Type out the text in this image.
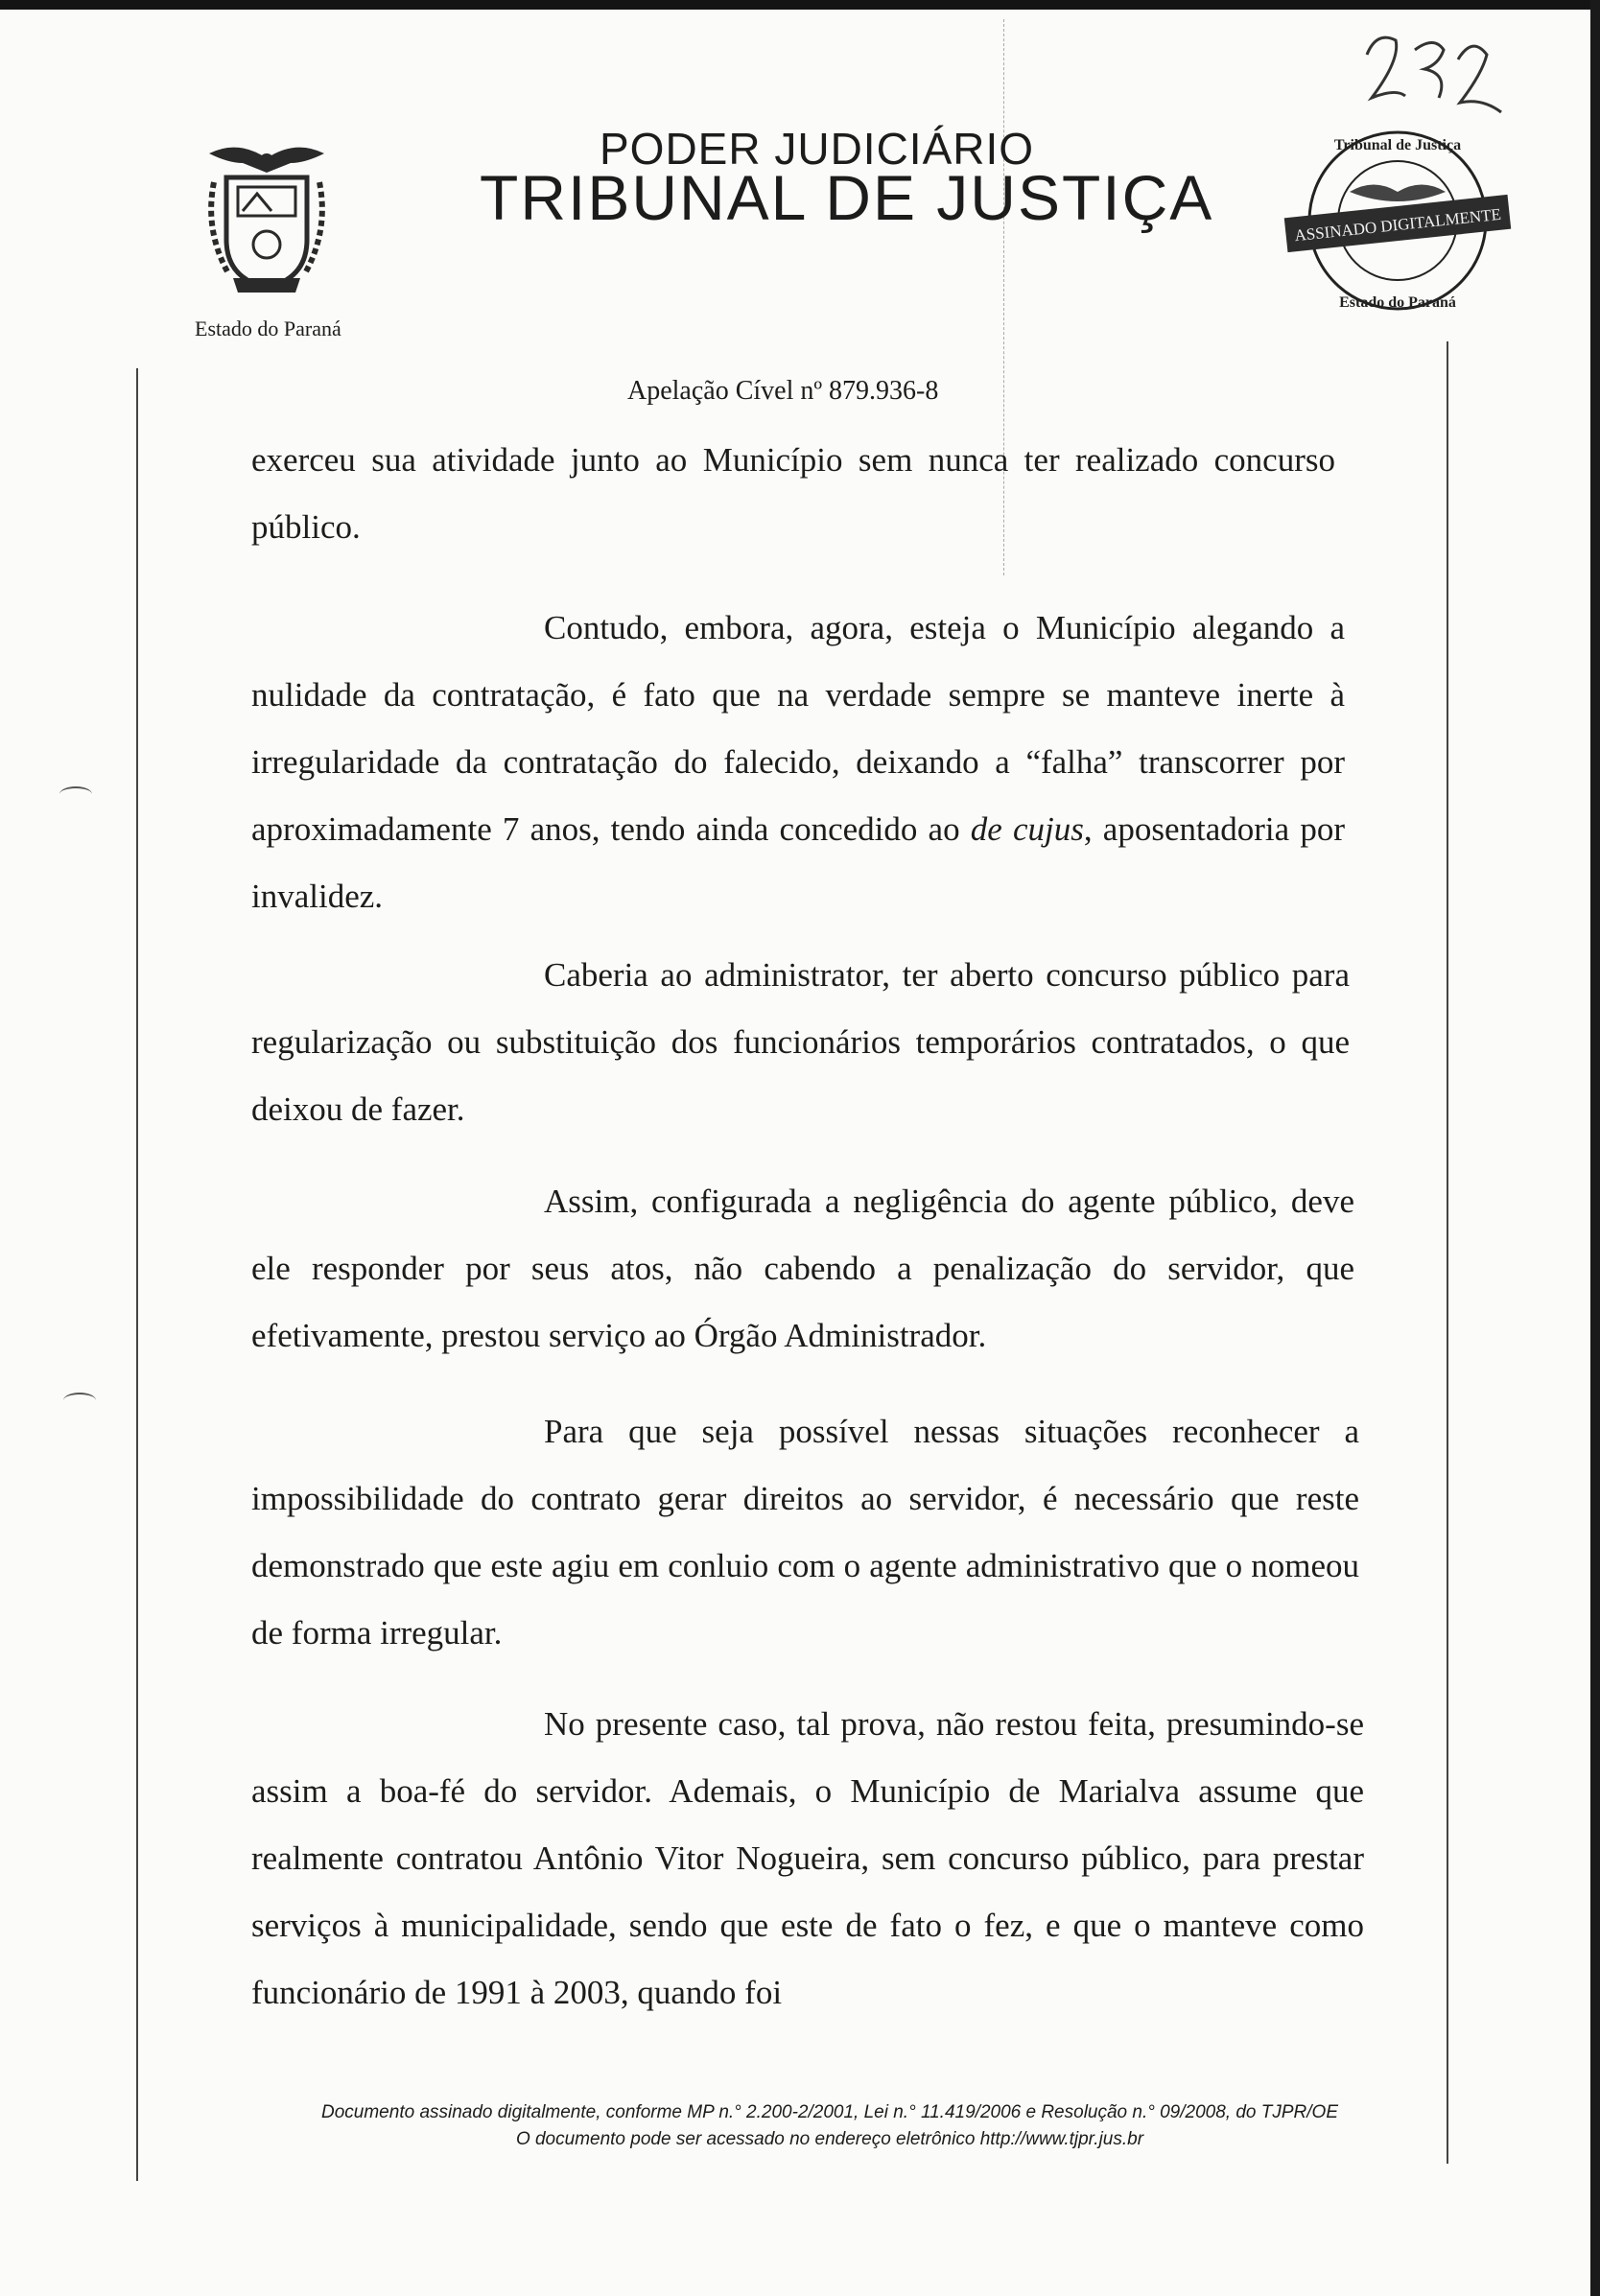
Estado do Paraná
PODER JUDICIÁRIO
TRIBUNAL DE JUSTIÇA	ASSINADO DIGITALMENTE
Tribunal de Justiça
Estado do Paraná
Apelação Cível nº 879.936-8

exerceu sua atividade junto ao Município sem nunca ter realizado concurso público.

Contudo, embora, agora, esteja o Município alegando a nulidade da contratação, é fato que na verdade sempre se manteve inerte à irregularidade da contratação do falecido, deixando a “falha” transcorrer por aproximadamente 7 anos, tendo ainda concedido ao de cujus, aposentadoria por invalidez.

Caberia ao administrator, ter aberto concurso público para regularização ou substituição dos funcionários temporários contratados, o que deixou de fazer.

Assim, configurada a negligência do agente público, deve ele responder por seus atos, não cabendo a penalização do servidor, que efetivamente, prestou serviço ao Órgão Administrador.

Para que seja possível nessas situações reconhecer a impossibilidade do contrato gerar direitos ao servidor, é necessário que reste demonstrado que este agiu em conluio com o agente administrativo que o nomeou de forma irregular.

No presente caso, tal prova, não restou feita, presumindo-se assim a boa-fé do servidor. Ademais, o Município de Marialva assume que realmente contratou Antônio Vitor Nogueira, sem concurso público, para prestar serviços à municipalidade, sendo que este de fato o fez, e que o manteve como funcionário de 1991 à 2003, quando foi

Documento assinado digitalmente, conforme MP n.° 2.200-2/2001, Lei n.° 11.419/2006 e Resolução n.° 09/2008, do TJPR/OE
O documento pode ser acessado no endereço eletrônico http://www.tjpr.jus.br
